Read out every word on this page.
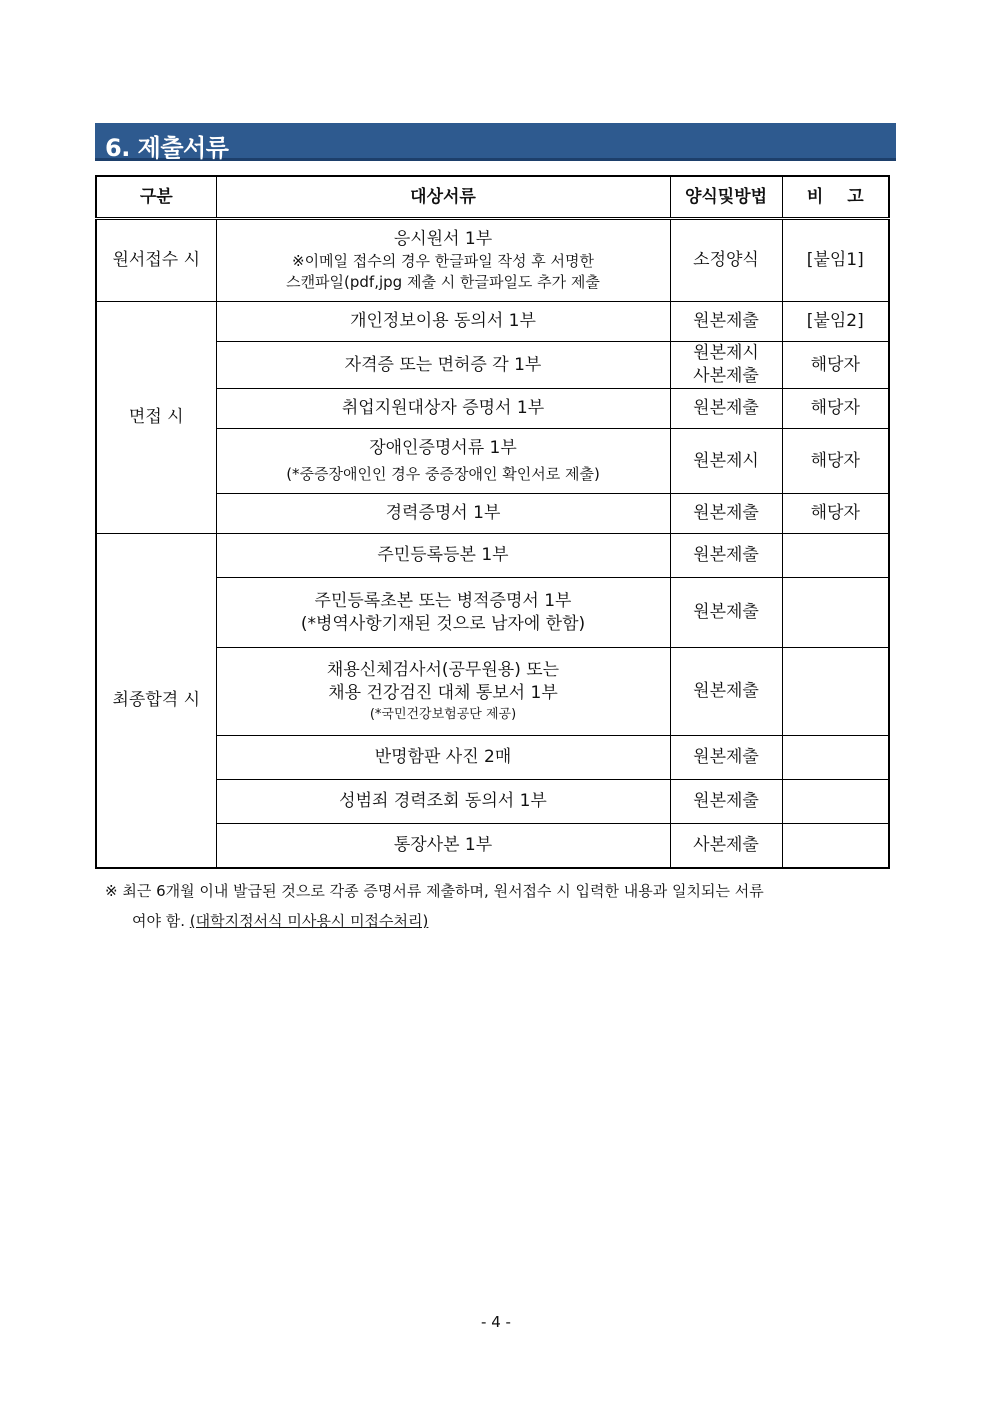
6. 제출서류
구분	대상서류	양식및방법	비 고
원서접수 시	응시원서 1부
※이메일 접수의 경우 한글파일 작성 후 서명한
스캔파일(pdf,jpg 제출 시 한글파일도 추가 제출	소정양식	[붙임1]
면접 시	개인정보이용 동의서 1부	원본제출	[붙임2]
	자격증 또는 면허증 각 1부	원본제시
사본제출	해당자
	취업지원대상자 증명서 1부	원본제출	해당자

	장애인증명서류 1부
(*중증장애인인 경우 중증장애인 확인서로 제출)	원본제시	해당자
	경력증명서 1부	원본제출	해당자
최종합격 시	주민등록등본 1부	원본제출	

	주민등록초본 또는 병적증명서 1부
(*병역사항기재된 것으로 남자에 한함)	원본제출	

	채용신체검사서(공무원용) 또는
채용 건강검진 대체 통보서 1부
(*국민건강보험공단 제공)	원본제출	
	반명함판 사진 2매	원본제출	
	성범죄 경력조회 동의서 1부	원본제출	
	통장사본 1부	사본제출	
※ 최근 6개월 이내 발급된 것으로 각종 증명서류 제출하며, 원서접수 시 입력한 내용과 일치되는 서류
여야 함. (대학지정서식 미사용시 미접수처리)
- 4 -
